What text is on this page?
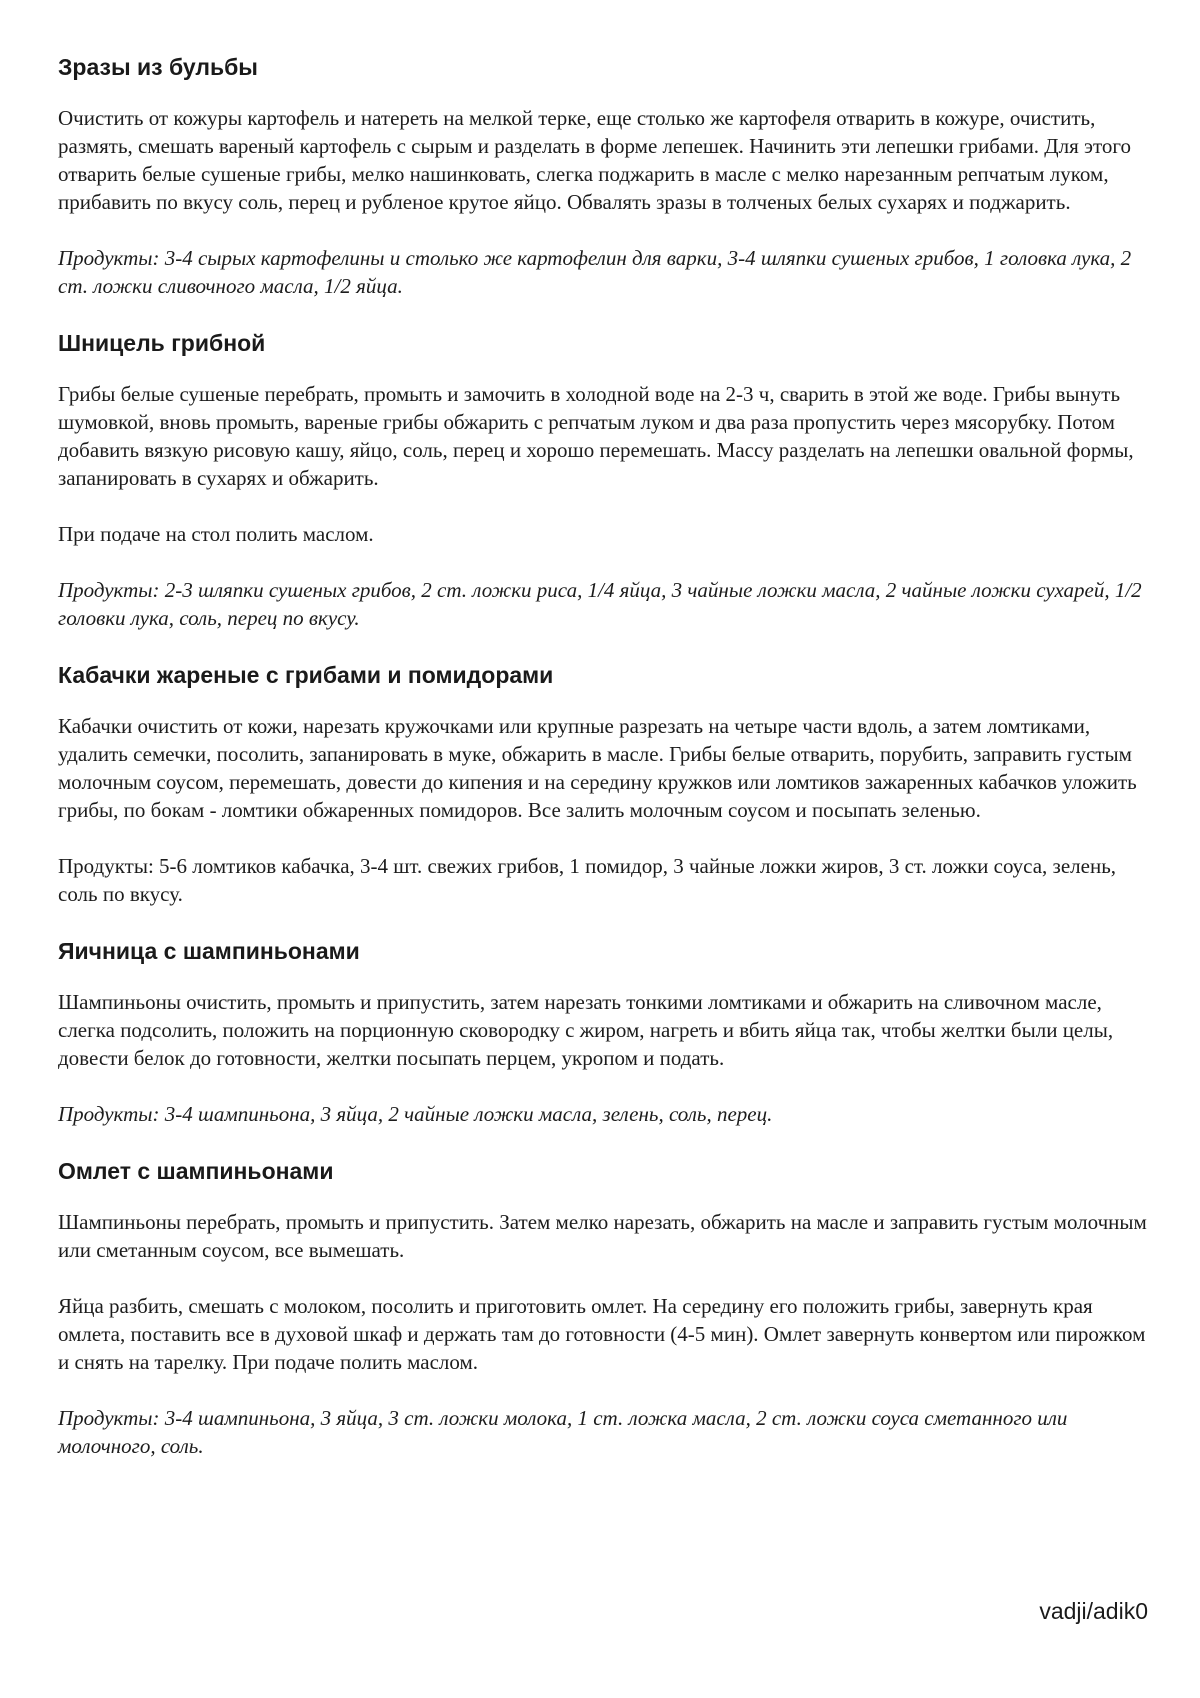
Зразы из бульбы

Очистить от кожуры картофель и натереть на мелкой терке, еще столько же картофеля отварить в кожуре, очистить, размять, смешать вареный картофель с сырым и разделать в форме лепешек. Начинить эти лепешки грибами. Для этого отварить белые сушеные грибы, мелко нашинковать, слегка поджарить в масле с мелко нарезанным репчатым луком, прибавить по вкусу соль, перец и рубленое крутое яйцо. Обвалять зразы в толченых белых сухарях и поджарить.

Продукты: 3-4 сырых картофелины и столько же картофелин для варки, 3-4 шляпки сушеных грибов, 1 головка лука, 2 ст. ложки сливочного масла, 1/2 яйца.

Шницель грибной

Грибы белые сушеные перебрать, промыть и замочить в холодной воде на 2-3 ч, сварить в этой же воде. Грибы вынуть шумовкой, вновь промыть, вареные грибы обжарить с репчатым луком и два раза пропустить через мясорубку. Потом добавить вязкую рисовую кашу, яйцо, соль, перец и хорошо перемешать. Массу разделать на лепешки овальной формы, запанировать в сухарях и обжарить.

При подаче на стол полить маслом.

Продукты: 2-3 шляпки сушеных грибов, 2 ст. ложки риса, 1/4 яйца, 3 чайные ложки масла, 2 чайные ложки сухарей, 1/2 головки лука, соль, перец по вкусу.

Кабачки жареные с грибами и помидорами

Кабачки очистить от кожи, нарезать кружочками или крупные разрезать на четыре части вдоль, а затем ломтиками, удалить семечки, посолить, запанировать в муке, обжарить в масле. Грибы белые отварить, порубить, заправить густым молочным соусом, перемешать, довести до кипения и на середину кружков или ломтиков зажаренных кабачков уложить грибы, по бокам - ломтики обжаренных помидоров. Все залить молочным соусом и посыпать зеленью.

Продукты: 5-6 ломтиков кабачка, 3-4 шт. свежих грибов, 1 помидор, 3 чайные ложки жиров, 3 ст. ложки соуса, зелень, соль по вкусу.

Яичница с шампиньонами

Шампиньоны очистить, промыть и припустить, затем нарезать тонкими ломтиками и обжарить на сливочном масле, слегка подсолить, положить на порционную сковородку с жиром, нагреть и вбить яйца так, чтобы желтки были целы, довести белок до готовности, желтки посыпать перцем, укропом и подать.

Продукты: 3-4 шампиньона, 3 яйца, 2 чайные ложки масла, зелень, соль, перец.

Омлет с шампиньонами

Шампиньоны перебрать, промыть и припустить. Затем мелко нарезать, обжарить на масле и заправить густым молочным или сметанным соусом, все вымешать.

Яйца разбить, смешать с молоком, посолить и приготовить омлет. На середину его положить грибы, завернуть края омлета, поставить все в духовой шкаф и держать там до готовности (4-5 мин). Омлет завернуть конвертом или пирожком и снять на тарелку. При подаче полить маслом.

Продукты: 3-4 шампиньона, 3 яйца, 3 ст. ложки молока, 1 ст. ложка масла, 2 ст. ложки соуса сметанного или молочного, соль.

vadji/adik0
